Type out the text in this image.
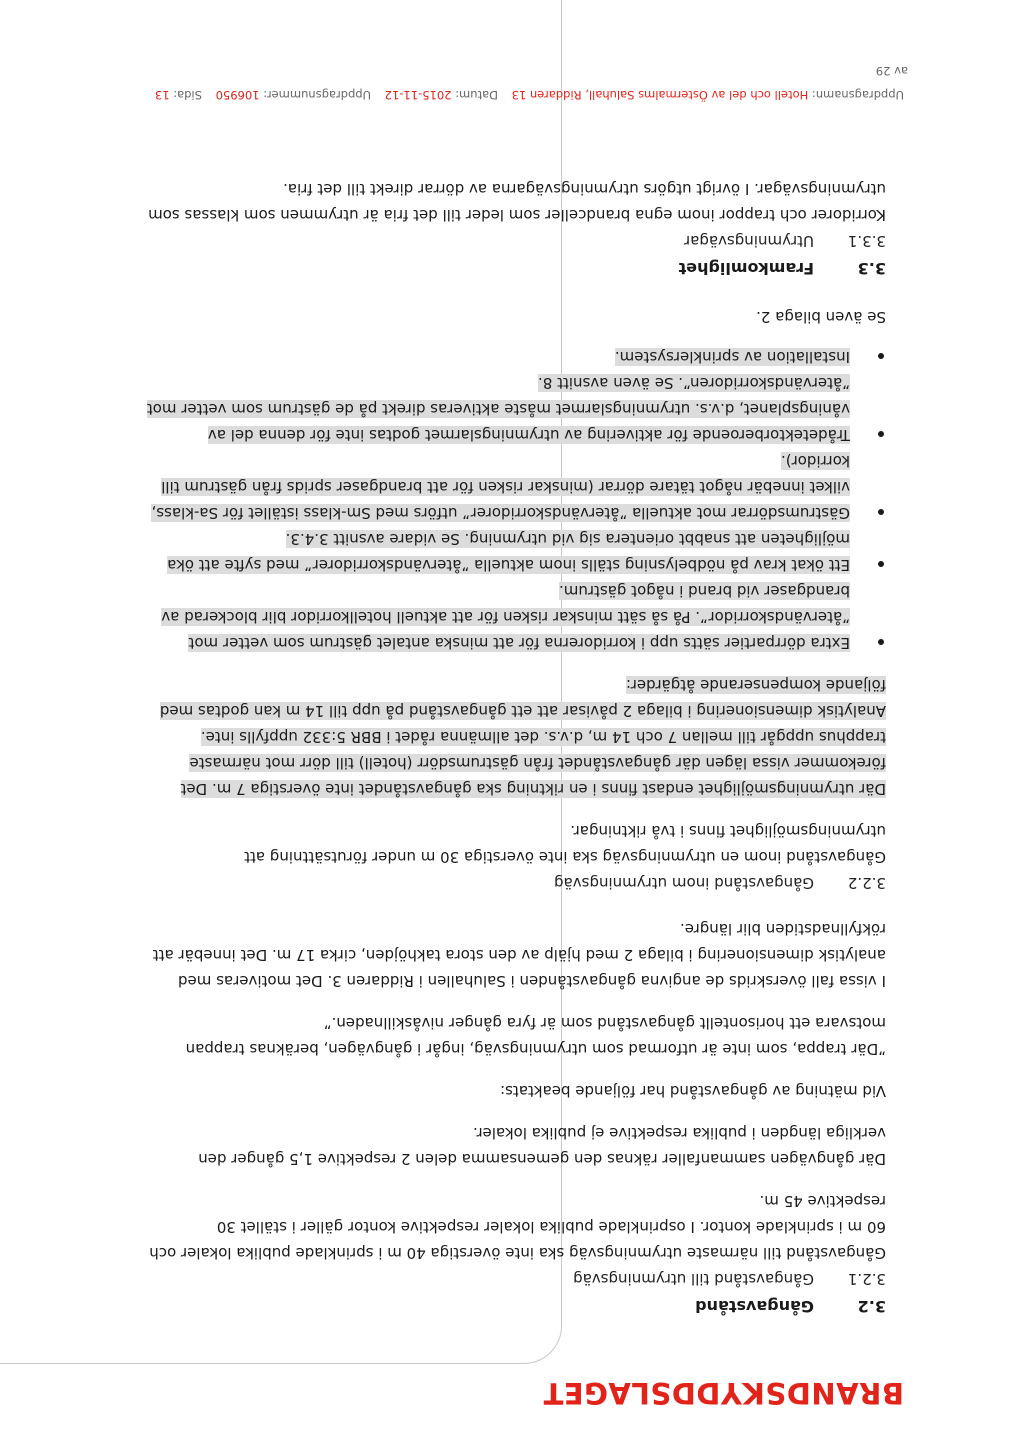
BRANDSKYDDSLAGET
3.2Gångavstånd
3.2.1Gångavstånd till utrymningsväg

Gångavstånd till närmaste utrymningsväg ska inte överstiga 40 m i sprinklade publika lokaler och 60 m i sprinklade kontor. I osprinklade publika lokaler respektive kontor gäller i stället 30 respektive 45 m.

Där gångvägen sammanfaller räknas den gemensamma delen 2 respektive 1,5 gånger den verkliga längden i publika respektive ej publika lokaler.

Vid mätning av gångavstånd har följande beaktats:

”Där trappa, som inte är utformad som utrymningsväg, ingår i gångvägen, beräknas trappan motsvara ett horisontellt gångavstånd som är fyra gånger nivåskillnaden.”

I vissa fall överskrids de angivna gångavstånden i Saluhallen i Riddaren 3. Det motiveras med analytisk dimensionering i bilaga 2 med hjälp av den stora takhöjden, cirka 17 m. Det innebär att rökfyllnadstiden blir längre.

3.2.2Gångavstånd inom utrymningsväg

Gångavstånd inom en utrymningsväg ska inte överstiga 30 m under förutsättning att utrymningsmöjlighet finns i två riktningar.

Där utrymningsmöjlighet endast finns i en riktning ska gångavståndet inte överstiga 7 m. Det
förekommer vissa lägen där gångavståndet från gästrumsdörr (hotell) till dörr mot närmaste
trapphus uppgår till mellan 7 och 14 m, d.v.s. det allmänna rådet i BBR 5:332 uppfylls inte.
Analytisk dimensionering i bilaga 2 påvisar att ett gångavstånd på upp till 14 m kan godtas med
följande kompenserande åtgärder:

Extra dörrpartier sätts upp i korridorerna för att minska antalet gästrum som vetter mot ”återvändskorridor”. På så sätt minskar risken för att aktuell hotellkorridor blir blockerad av brandgaser vid brand i något gästrum.
Ett ökat krav på nödbelysning ställs inom aktuella ”återvändskorridorer” med syfte att öka möjligheten att snabbt orientera sig vid utrymning. Se vidare avsnitt 3.4.3.
Gästrumsdörrar mot aktuella ”återvändskorridorer” utförs med Sm-klass istället för Sa-klass, vilket innebär något tätare dörrar (minskar risken för att brandgaser sprids från gästrum till korridor).
Trådetektorberoende för aktivering av utrymningslarmet godtas inte för denna del av våningsplanet, d.v.s. utrymningslarmet måste aktiveras direkt på de gästrum som vetter mot ”återvändskorridoren”. Se även avsnitt 8.
Installation av sprinklersystem.

Se även bilaga 2.

3.3Framkomlighet
3.3.1Utrymningsvägar

Korridorer och trappor inom egna brandceller som leder till det fria är utrymmen som klassas som utrymningsvägar. I övrigt utgörs utrymningsvägarna av dörrar direkt till det fria.

Uppdragsnamn: Hotell och del av Östermalms Saluhall, Riddaren 13 Datum: 2015-11-12 Uppdragsnummer: 106950 Sida: 13
av 29
